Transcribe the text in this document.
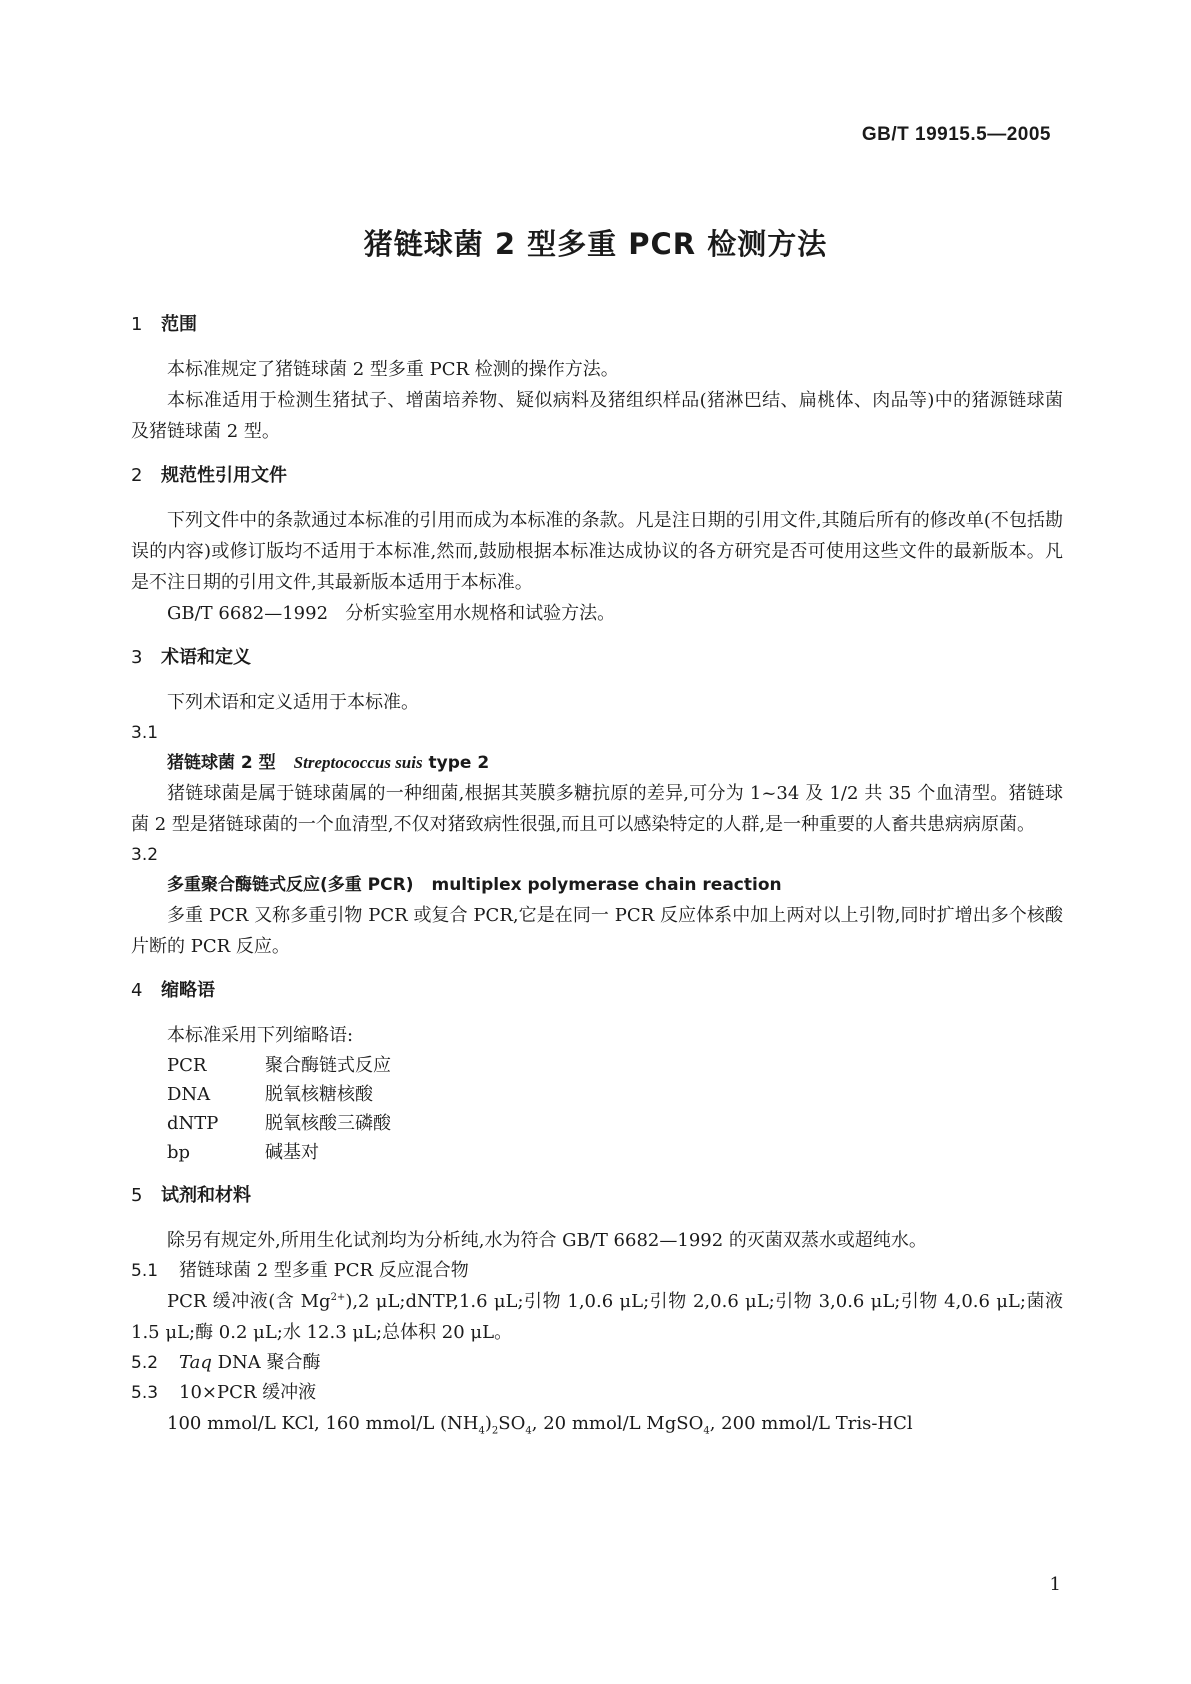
GB/T 19915.5—2005
猪链球菌 2 型多重 PCR 检测方法
1 范围

本标准规定了猪链球菌 2 型多重 PCR 检测的操作方法。

本标准适用于检测生猪拭子、增菌培养物、疑似病料及猪组织样品(猪淋巴结、扁桃体、肉品等)中的猪源链球菌及猪链球菌 2 型。

2 规范性引用文件

下列文件中的条款通过本标准的引用而成为本标准的条款。凡是注日期的引用文件,其随后所有的修改单(不包括勘误的内容)或修订版均不适用于本标准,然而,鼓励根据本标准达成协议的各方研究是否可使用这些文件的最新版本。凡是不注日期的引用文件,其最新版本适用于本标准。

GB/T 6682—1992 分析实验室用水规格和试验方法。

3 术语和定义

下列术语和定义适用于本标准。

3.1

猪链球菌 2 型 Streptococcus suis type 2

猪链球菌是属于链球菌属的一种细菌,根据其荚膜多糖抗原的差异,可分为 1~34 及 1/2 共 35 个血清型。猪链球菌 2 型是猪链球菌的一个血清型,不仅对猪致病性很强,而且可以感染特定的人群,是一种重要的人畜共患病病原菌。

3.2

多重聚合酶链式反应(多重 PCR) multiplex polymerase chain reaction

多重 PCR 又称多重引物 PCR 或复合 PCR,它是在同一 PCR 反应体系中加上两对以上引物,同时扩增出多个核酸片断的 PCR 反应。

4 缩略语

本标准采用下列缩略语:

PCR	聚合酶链式反应
DNA	脱氧核糖核酸
dNTP	脱氧核酸三磷酸
bp	碱基对
5 试剂和材料

除另有规定外,所用生化试剂均为分析纯,水为符合 GB/T 6682—1992 的灭菌双蒸水或超纯水。

5.1 猪链球菌 2 型多重 PCR 反应混合物

PCR 缓冲液(含 $Mg^{2+}),2$ μL;dNTP,1.6 μL;引物 1,0.6 μL;引物 2,0.6 μL;引物 3,0.6 μL;引物 4,0.6 μL;菌液 1.5 μL;酶 0.2 μL;水 12.3 μL;总体积 20 μL。

5.2 Taq DNA 聚合酶

5.3 10×PCR 缓冲液

100 mmol/L KCl, 160 mmol/L $(NH_4)_2SO_4$, 20 mmol/L MgSO$_4$, 200 mmol/L Tris-HCl

1
